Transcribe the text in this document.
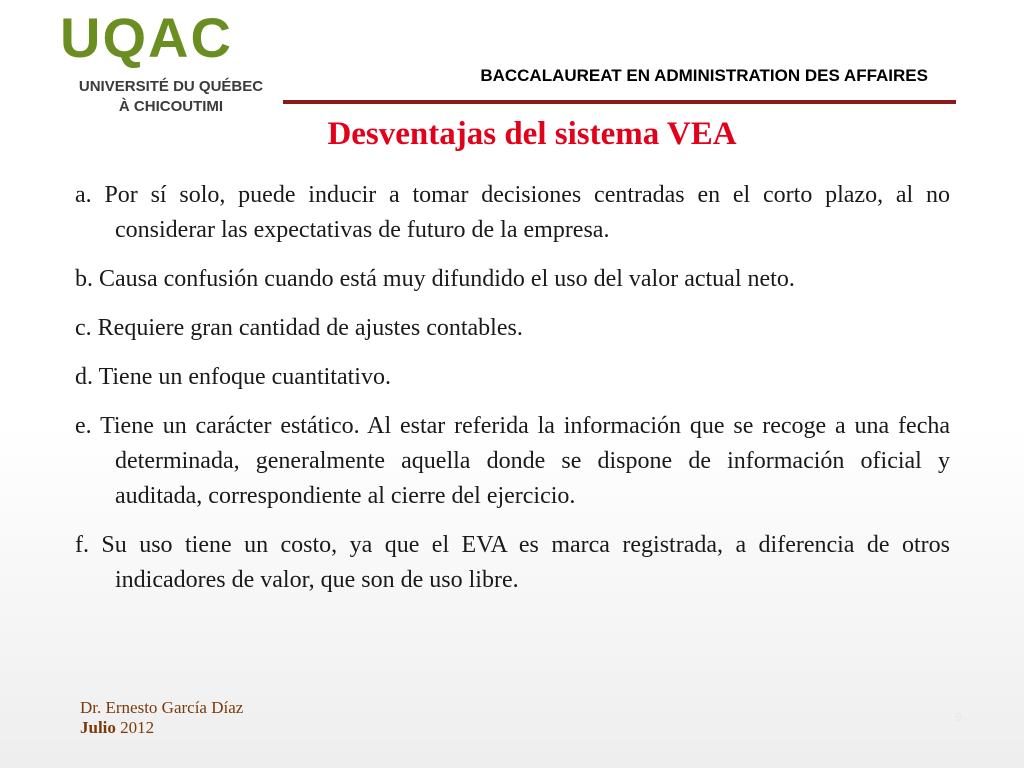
UQAC
UNIVERSITÉ DU QUÉBEC
À CHICOUTIMI
BACCALAUREAT EN ADMINISTRATION DES AFFAIRES
Desventajas del sistema VEA
a. Por sí solo, puede inducir a tomar decisiones centradas en el corto plazo, al no considerar las expectativas de futuro de la empresa.
b. Causa confusión cuando está muy difundido el uso del valor actual neto.
c. Requiere gran cantidad de ajustes contables.
d. Tiene un enfoque cuantitativo.
e. Tiene un carácter estático. Al estar referida la información que se recoge a una fecha determinada, generalmente aquella donde se dispone de información oficial y auditada, correspondiente al cierre del ejercicio.
f. Su uso tiene un costo, ya que el EVA es marca registrada, a diferencia de otros indicadores de valor, que son de uso libre.
Dr. Ernesto García Díaz
Julio 2012
9
